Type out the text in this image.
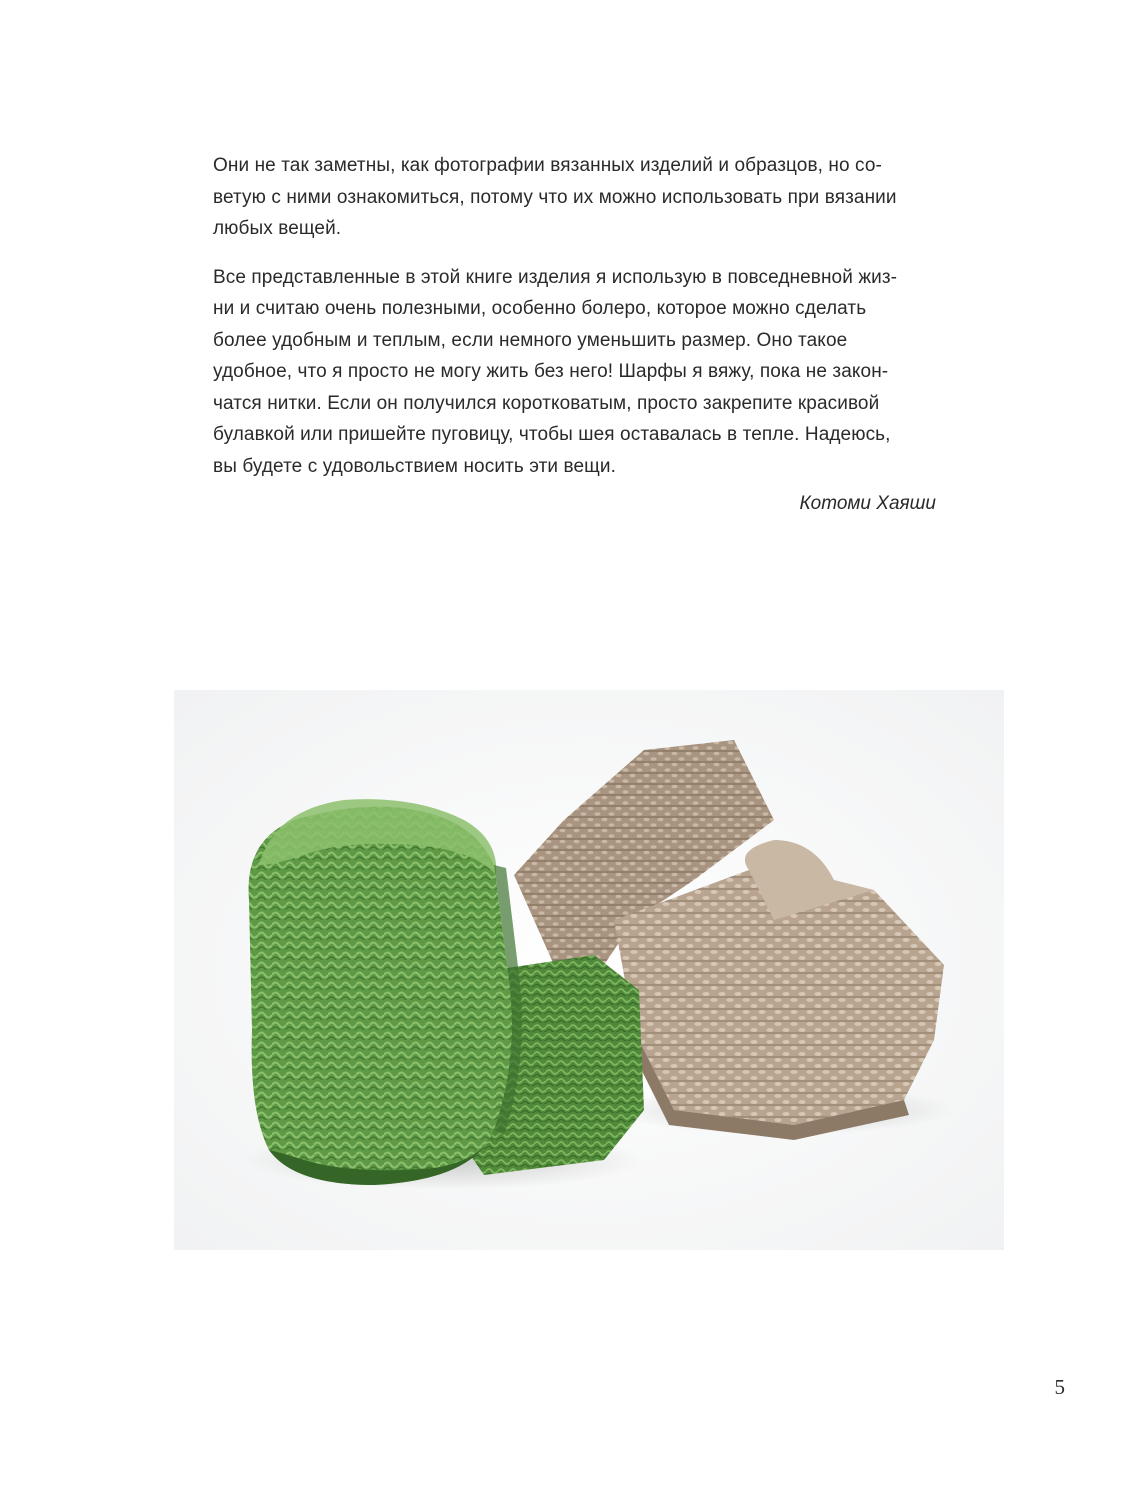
Они не так заметны, как фотографии вязанных изделий и образцов, но со-
ветую с ними ознакомиться, потому что их можно использовать при вязании
любых вещей.

Все представленные в этой книге изделия я использую в повседневной жиз-
ни и считаю очень полезными, особенно болеро, которое можно сделать
более удобным и теплым, если немного уменьшить размер. Оно такое
удобное, что я просто не могу жить без него! Шарфы я вяжу, пока не закон-
чатся нитки. Если он получился коротковатым, просто закрепите красивой
булавкой или пришейте пуговицу, чтобы шея оставалась в тепле. Надеюсь,
вы будете с удовольствием носить эти вещи.

Котоми Хаяши
5
